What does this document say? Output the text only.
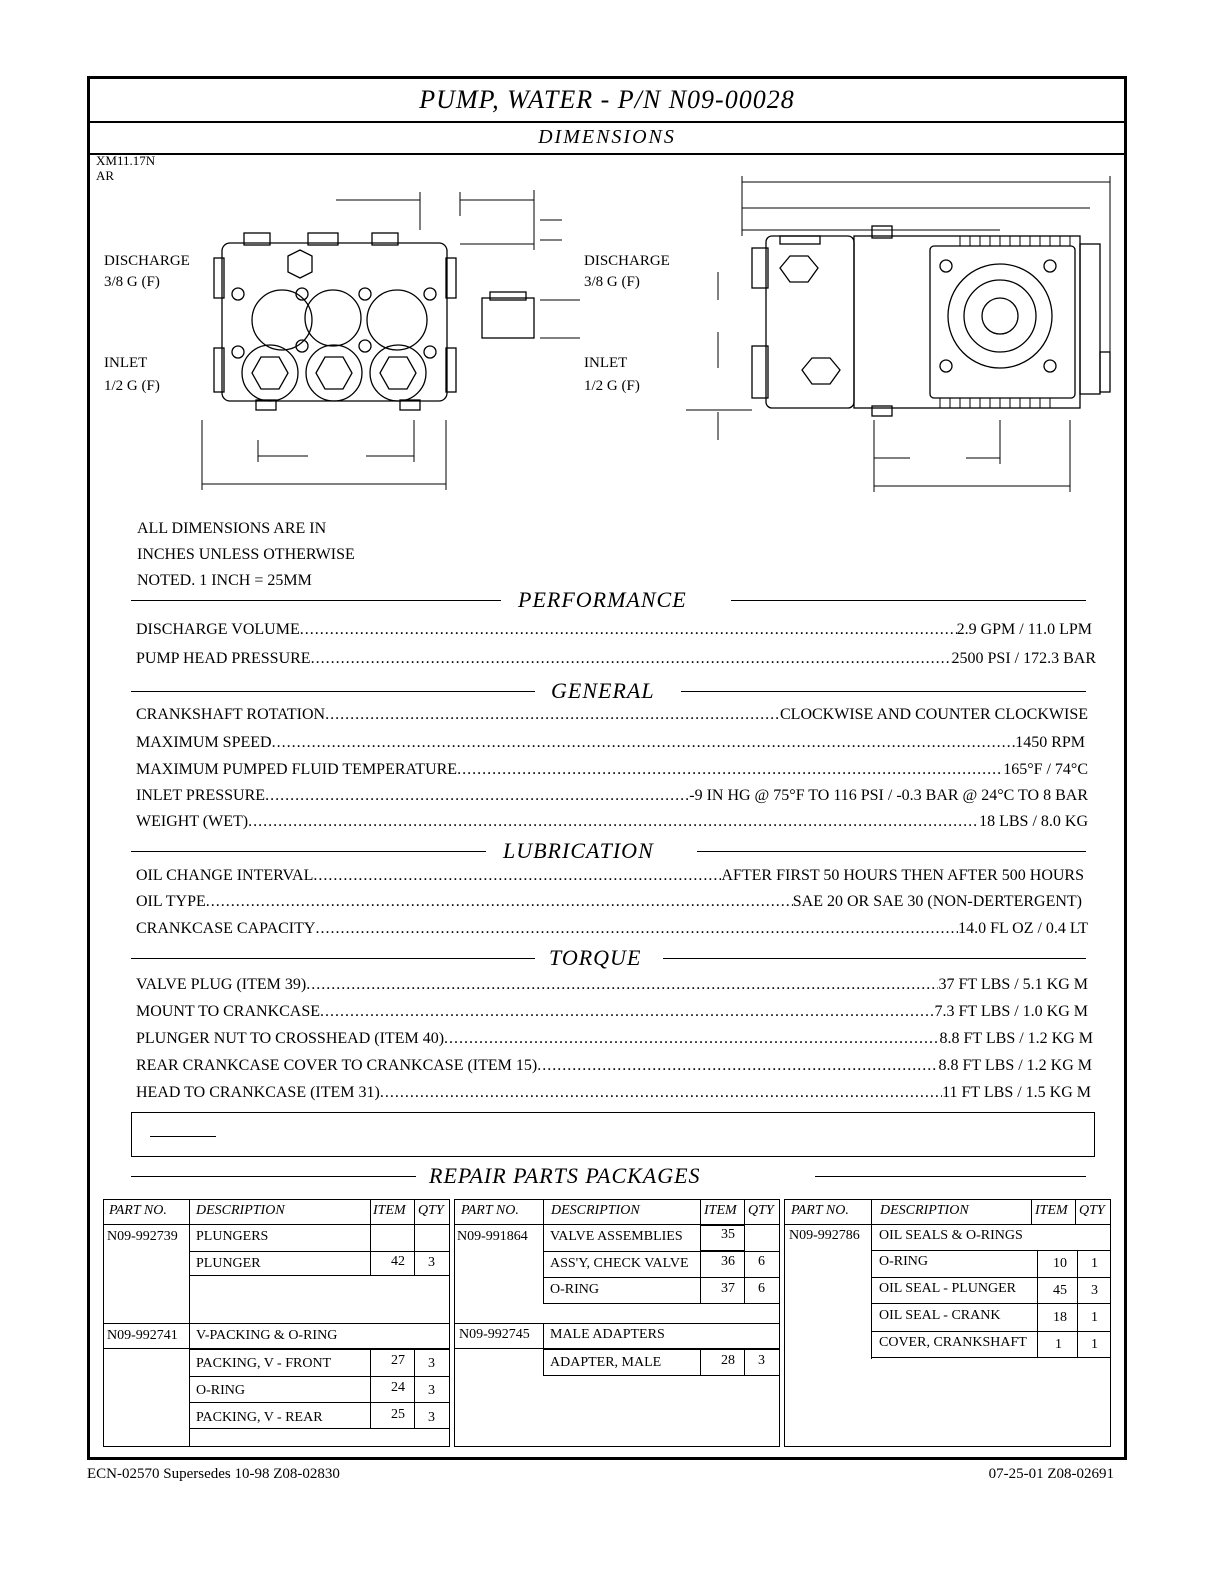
PUMP, WATER - P/N N09-00028
DIMENSIONS
XM11.17N
AR
DISCHARGE
3/8 G (F)
INLET
1/2 G (F)
DISCHARGE
3/8 G (F)
INLET
1/2 G (F)
ALL DIMENSIONS ARE IN
INCHES UNLESS OTHERWISE
NOTED. 1 INCH = 25MM
PERFORMANCE
DISCHARGE VOLUME .....	2.9 GPM / 11.0 LPM
PUMP HEAD PRESSURE .....	2500 PSI / 172.3 BAR
GENERAL
CRANKSHAFT ROTATION .....	CLOCKWISE AND COUNTER CLOCKWISE
MAXIMUM SPEED .....	1450 RPM
MAXIMUM PUMPED FLUID TEMPERATURE .....	165°F / 74°C
INLET PRESSURE .....	-9 IN HG @ 75°F TO 116 PSI / -0.3 BAR @ 24°C TO 8 BAR
WEIGHT (WET) .....	18 LBS / 8.0 KG
LUBRICATION
OIL CHANGE INTERVAL .....	AFTER FIRST 50 HOURS THEN AFTER 500 HOURS
OIL TYPE .....	SAE 20 OR SAE 30 (NON-DERTERGENT)
CRANKCASE CAPACITY .....	14.0 FL OZ / 0.4 LT
TORQUE
VALVE PLUG (ITEM 39) .....	37 FT LBS / 5.1 KG M
MOUNT TO CRANKCASE .....	7.3 FT LBS / 1.0 KG M
PLUNGER NUT TO CROSSHEAD (ITEM 40) .....	8.8 FT LBS / 1.2 KG M
REAR CRANKCASE COVER TO CRANKCASE (ITEM 15) .....	8.8 FT LBS / 1.2 KG M
HEAD TO CRANKCASE (ITEM 31) .....	11 FT LBS / 1.5 KG M
REPAIR PARTS PACKAGES
PART NO. DESCRIPTION	ITEM QTY
N09-992739 PLUNGERS
PLUNGER	42 3
N09-992741 V-PACKING & O-RING
PACKING, V - FRONT	27 3
O-RING	24 3
PACKING, V - REAR	25 3
PART NO. DESCRIPTION	ITEM QTY
N09-991864 VALVE ASSEMBLIES	35
ASS'Y, CHECK VALVE 36 6
O-RING	37 6
N09-992745 MALE ADAPTERS
ADAPTER, MALE	28 3
PART NO. DESCRIPTION	ITEM QTY
N09-992786 OIL SEALS & O-RINGS
O-RING	10 1
OIL SEAL - PLUNGER	45 3
OIL SEAL - CRANK	18 1
COVER, CRANKSHAFT 1 1
ECN-02570 Supersedes 10-98 Z08-02830	07-25-01 Z08-02691
